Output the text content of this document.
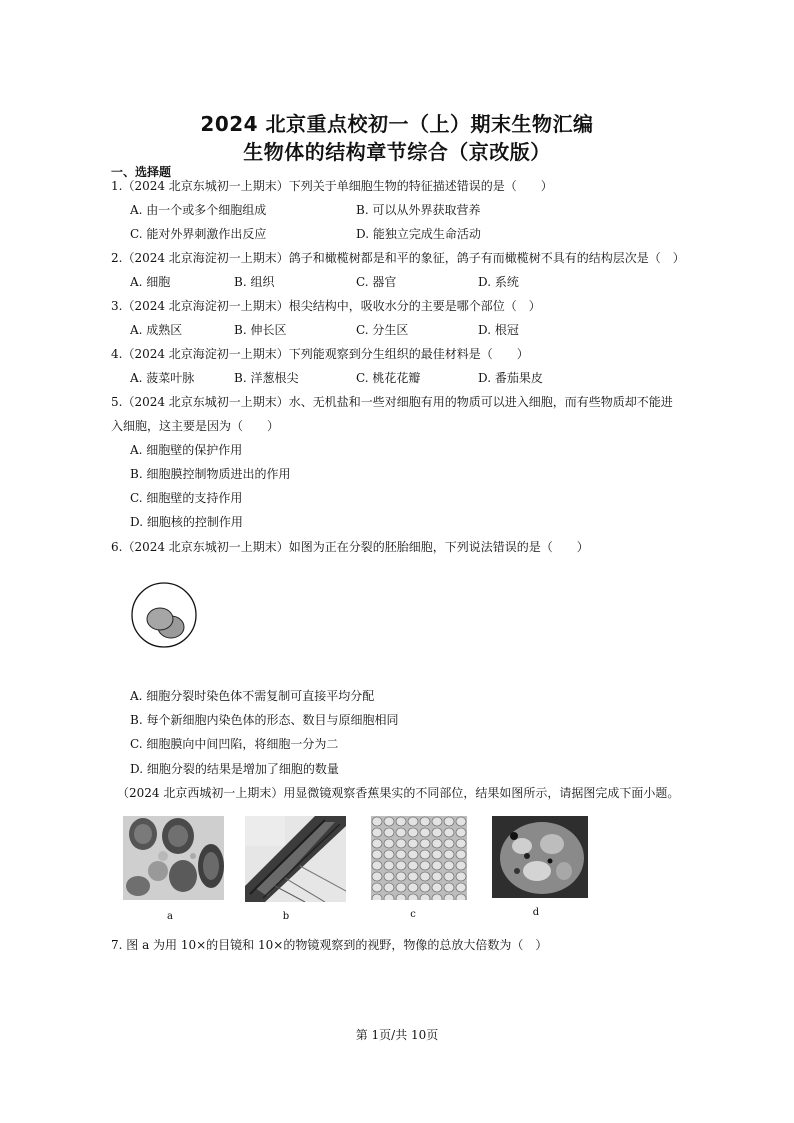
2024 北京重点校初一（上）期末生物汇编
生物体的结构章节综合（京改版）
一、选择题
1.（2024 北京东城初一上期末）下列关于单细胞生物的特征描述错误的是（　　）
A. 由一个或多个细胞组成	B. 可以从外界获取营养
C. 能对外界刺激作出反应	D. 能独立完成生命活动
2.（2024 北京海淀初一上期末）鸽子和橄榄树都是和平的象征，鸽子有而橄榄树不具有的结构层次是（　）
A. 细胞	B. 组织	C. 器官	D. 系统
3.（2024 北京海淀初一上期末）根尖结构中，吸收水分的主要是哪个部位（　）
A. 成熟区	B. 伸长区	C. 分生区	D. 根冠
4.（2024 北京海淀初一上期末）下列能观察到分生组织的最佳材料是（　　）
A. 菠菜叶脉	B. 洋葱根尖	C. 桃花花瓣	D. 番茄果皮
5.（2024 北京东城初一上期末）水、无机盐和一些对细胞有用的物质可以进入细胞，而有些物质却不能进
入细胞，这主要是因为（　　）
A. 细胞壁的保护作用
B. 细胞膜控制物质进出的作用
C. 细胞壁的支持作用
D. 细胞核的控制作用
6.（2024 北京东城初一上期末）如图为正在分裂的胚胎细胞，下列说法错误的是（　　）
A. 细胞分裂时染色体不需复制可直接平均分配
B. 每个新细胞内染色体的形态、数目与原细胞相同
C. 细胞膜向中间凹陷，将细胞一分为二
D. 细胞分裂的结果是增加了细胞的数量
（2024 北京西城初一上期末）用显微镜观察香蕉果实的不同部位，结果如图所示，请据图完成下面小题。
a	b	c	d
7. 图 a 为用 10×的目镜和 10×的物镜观察到的视野，物像的总放大倍数为（　）
第 1页/共 10页
